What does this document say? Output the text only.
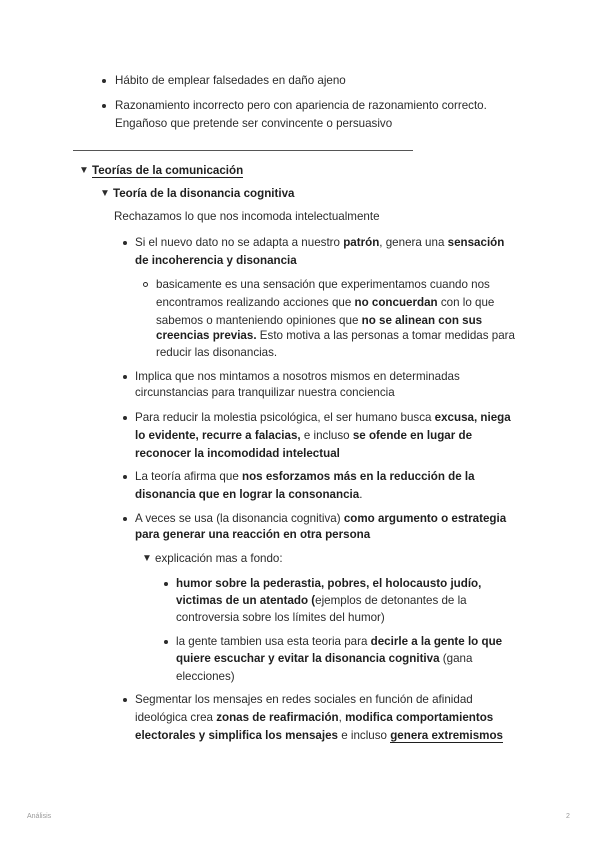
Hábito de emplear falsedades en daño ajeno
Razonamiento incorrecto pero con apariencia de razonamiento correcto.
Engañoso que pretende ser convincente o persuasivo
▼ Teorías de la comunicación
▼ Teoría de la disonancia cognitiva
Rechazamos lo que nos incomoda intelectualmente
Si el nuevo dato no se adapta a nuestro patrón, genera una sensación
de incoherencia y disonancia
basicamente es una sensación que experimentamos cuando nos
encontramos realizando acciones que no concuerdan con lo que
sabemos o manteniendo opiniones que no se alinean con sus
creencias previas. Esto motiva a las personas a tomar medidas para
reducir las disonancias.
Implica que nos mintamos a nosotros mismos en determinadas
circunstancias para tranquilizar nuestra conciencia
Para reducir la molestia psicológica, el ser humano busca excusa, niega
lo evidente, recurre a falacias, e incluso se ofende en lugar de
reconocer la incomodidad intelectual
La teoría afirma que nos esforzamos más en la reducción de la
disonancia que en lograr la consonancia.
A veces se usa (la disonancia cognitiva) como argumento o estrategia
para generar una reacción en otra persona
▼ explicación mas a fondo:
humor sobre la pederastia, pobres, el holocausto judío,
victimas de un atentado (ejemplos de detonantes de la
controversia sobre los límites del humor)
la gente tambien usa esta teoria para decirle a la gente lo que
quiere escuchar y evitar la disonancia cognitiva (gana
elecciones)
Segmentar los mensajes en redes sociales en función de afinidad
ideológica crea zonas de reafirmación, modifica comportamientos
electorales y simplifica los mensajes e incluso genera extremismos
Análisis	2
